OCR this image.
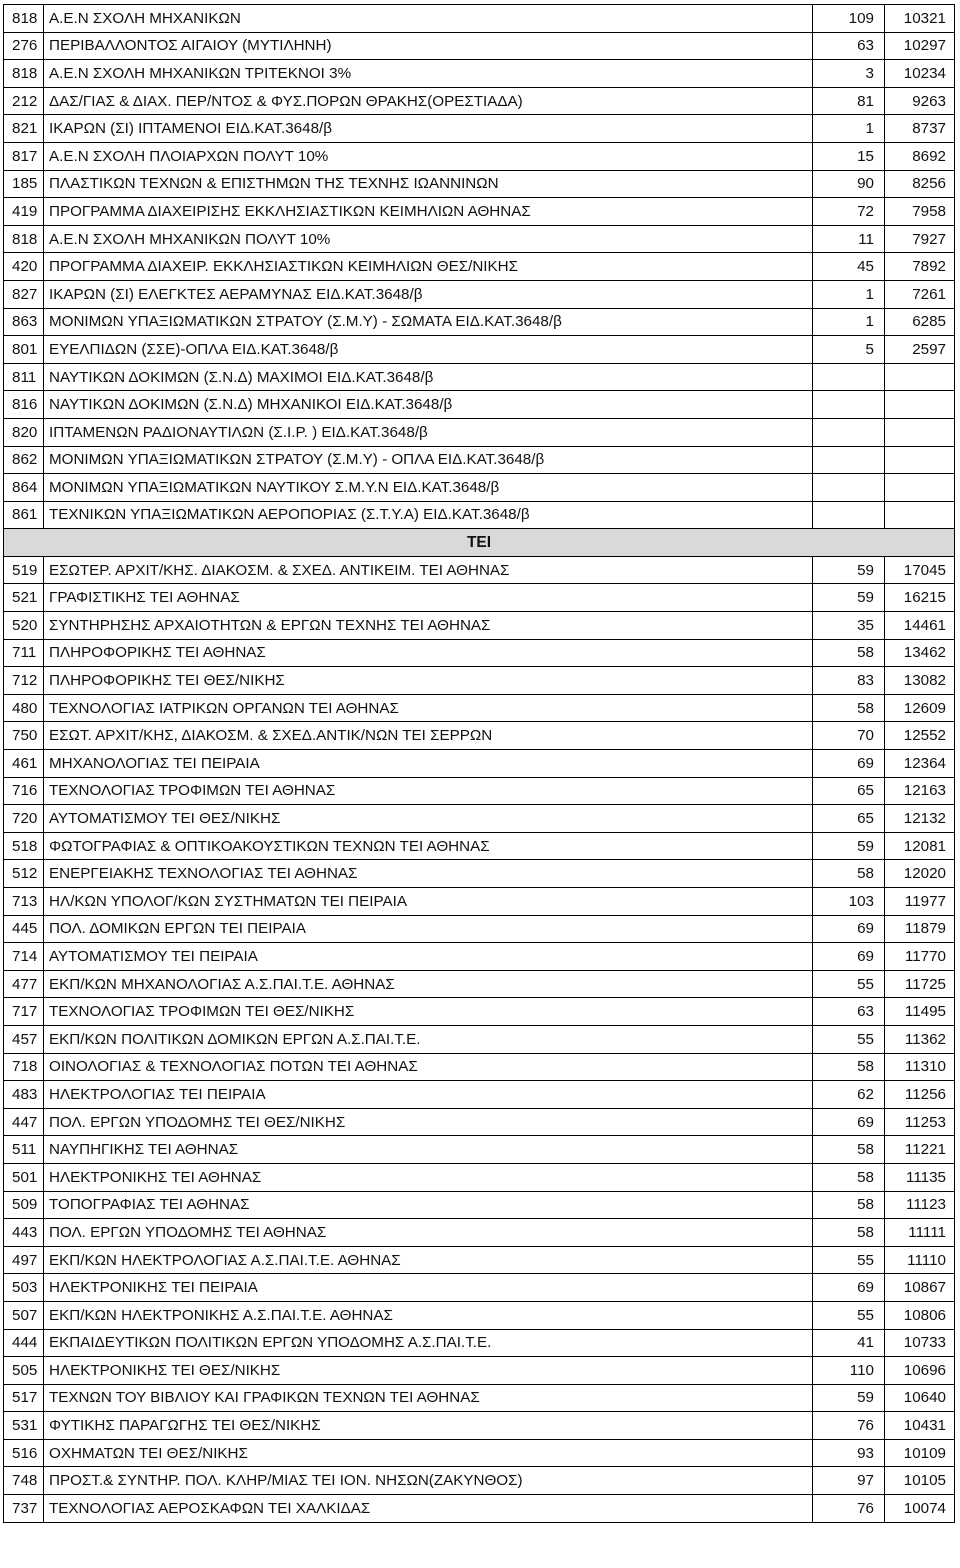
818	Α.Ε.Ν ΣΧΟΛΗ ΜΗΧΑΝΙΚΩΝ	109	10321
276	ΠΕΡΙΒΑΛΛΟΝΤΟΣ ΑΙΓΑΙΟΥ (ΜΥΤΙΛΗΝΗ)	63	10297
818	Α.Ε.Ν ΣΧΟΛΗ ΜΗΧΑΝΙΚΩΝ ΤΡΙΤΕΚΝΟΙ 3%	3	10234
212	ΔΑΣ/ΓΙΑΣ & ΔΙΑΧ. ΠΕΡ/ΝΤΟΣ & ΦΥΣ.ΠΟΡΩΝ ΘΡΑΚΗΣ(ΟΡΕΣΤΙΑΔΑ)	81	9263
821	ΙΚΑΡΩΝ (ΣΙ) ΙΠΤΑΜΕΝΟΙ ΕΙΔ.ΚΑΤ.3648/β	1	8737
817	Α.Ε.Ν ΣΧΟΛΗ ΠΛΟΙΑΡΧΩΝ ΠΟΛΥΤ 10%	15	8692
185	ΠΛΑΣΤΙΚΩΝ ΤΕΧΝΩΝ & ΕΠΙΣΤΗΜΩΝ ΤΗΣ ΤΕΧΝΗΣ ΙΩΑΝΝΙΝΩΝ	90	8256
419	ΠΡΟΓΡΑΜΜΑ ΔΙΑΧΕΙΡΙΣΗΣ ΕΚΚΛΗΣΙΑΣΤΙΚΩΝ ΚΕΙΜΗΛΙΩΝ ΑΘΗΝΑΣ	72	7958
818	Α.Ε.Ν ΣΧΟΛΗ ΜΗΧΑΝΙΚΩΝ ΠΟΛΥΤ 10%	11	7927
420	ΠΡΟΓΡΑΜΜΑ ΔΙΑΧΕΙΡ. ΕΚΚΛΗΣΙΑΣΤΙΚΩΝ ΚΕΙΜΗΛΙΩΝ ΘΕΣ/ΝΙΚΗΣ	45	7892
827	ΙΚΑΡΩΝ (ΣΙ) ΕΛΕΓΚΤΕΣ ΑΕΡΑΜΥΝΑΣ ΕΙΔ.ΚΑΤ.3648/β	1	7261
863	ΜΟΝΙΜΩΝ ΥΠΑΞΙΩΜΑΤΙΚΩΝ ΣΤΡΑΤΟΥ (Σ.Μ.Υ) - ΣΩΜΑΤΑ ΕΙΔ.ΚΑΤ.3648/β	1	6285
801	ΕΥΕΛΠΙΔΩΝ (ΣΣΕ)-ΟΠΛΑ ΕΙΔ.ΚΑΤ.3648/β	5	2597
811	ΝΑΥΤΙΚΩΝ ΔΟΚΙΜΩΝ (Σ.Ν.Δ) ΜΑΧΙΜΟΙ ΕΙΔ.ΚΑΤ.3648/β		
816	ΝΑΥΤΙΚΩΝ ΔΟΚΙΜΩΝ (Σ.Ν.Δ) ΜΗΧΑΝΙΚΟΙ ΕΙΔ.ΚΑΤ.3648/β		
820	ΙΠΤΑΜΕΝΩΝ ΡΑΔΙΟΝΑΥΤΙΛΩΝ (Σ.Ι.Ρ. ) ΕΙΔ.ΚΑΤ.3648/β		
862	ΜΟΝΙΜΩΝ ΥΠΑΞΙΩΜΑΤΙΚΩΝ ΣΤΡΑΤΟΥ (Σ.Μ.Υ) - ΟΠΛΑ ΕΙΔ.ΚΑΤ.3648/β		
864	ΜΟΝΙΜΩΝ ΥΠΑΞΙΩΜΑΤΙΚΩΝ ΝΑΥΤΙΚΟΥ Σ.Μ.Υ.Ν ΕΙΔ.ΚΑΤ.3648/β		
861	ΤΕΧΝΙΚΩΝ ΥΠΑΞΙΩΜΑΤΙΚΩΝ ΑΕΡΟΠΟΡΙΑΣ (Σ.Τ.Υ.Α) ΕΙΔ.ΚΑΤ.3648/β		
ΤΕΙ			
519	ΕΣΩΤΕΡ. ΑΡΧΙΤ/ΚΗΣ. ΔΙΑΚΟΣΜ. & ΣΧΕΔ. ΑΝΤΙΚΕΙΜ. ΤΕΙ ΑΘΗΝΑΣ	59	17045
521	ΓΡΑΦΙΣΤΙΚΗΣ ΤΕΙ ΑΘΗΝΑΣ	59	16215
520	ΣΥΝΤΗΡΗΣΗΣ ΑΡΧΑΙΟΤΗΤΩΝ & ΕΡΓΩΝ ΤΕΧΝΗΣ ΤΕΙ ΑΘΗΝΑΣ	35	14461
711	ΠΛΗΡΟΦΟΡΙΚΗΣ ΤΕΙ ΑΘΗΝΑΣ	58	13462
712	ΠΛΗΡΟΦΟΡΙΚΗΣ ΤΕΙ ΘΕΣ/ΝΙΚΗΣ	83	13082
480	ΤΕΧΝΟΛΟΓΙΑΣ ΙΑΤΡΙΚΩΝ ΟΡΓΑΝΩΝ ΤΕΙ ΑΘΗΝΑΣ	58	12609
750	ΕΣΩΤ. ΑΡΧΙΤ/ΚΗΣ, ΔΙΑΚΟΣΜ. & ΣΧΕΔ.ΑΝΤΙΚ/ΝΩΝ ΤΕΙ ΣΕΡΡΩΝ	70	12552
461	ΜΗΧΑΝΟΛΟΓΙΑΣ ΤΕΙ ΠΕΙΡΑΙΑ	69	12364
716	ΤΕΧΝΟΛΟΓΙΑΣ ΤΡΟΦΙΜΩΝ ΤΕΙ ΑΘΗΝΑΣ	65	12163
720	ΑΥΤΟΜΑΤΙΣΜΟΥ ΤΕΙ ΘΕΣ/ΝΙΚΗΣ	65	12132
518	ΦΩΤΟΓΡΑΦΙΑΣ & ΟΠΤΙΚΟΑΚΟΥΣΤΙΚΩΝ ΤΕΧΝΩΝ ΤΕΙ ΑΘΗΝΑΣ	59	12081
512	ΕΝΕΡΓΕΙΑΚΗΣ ΤΕΧΝΟΛΟΓΙΑΣ ΤΕΙ ΑΘΗΝΑΣ	58	12020
713	ΗΛ/ΚΩΝ ΥΠΟΛΟΓ/ΚΩΝ ΣΥΣΤΗΜΑΤΩΝ ΤΕΙ ΠΕΙΡΑΙΑ	103	11977
445	ΠΟΛ. ΔΟΜΙΚΩΝ ΕΡΓΩΝ ΤΕΙ ΠΕΙΡΑΙΑ	69	11879
714	ΑΥΤΟΜΑΤΙΣΜΟΥ ΤΕΙ ΠΕΙΡΑΙΑ	69	11770
477	ΕΚΠ/ΚΩΝ ΜΗΧΑΝΟΛΟΓΙΑΣ Α.Σ.ΠΑΙ.Τ.Ε. ΑΘΗΝΑΣ	55	11725
717	ΤΕΧΝΟΛΟΓΙΑΣ ΤΡΟΦΙΜΩΝ ΤΕΙ ΘΕΣ/ΝΙΚΗΣ	63	11495
457	ΕΚΠ/ΚΩΝ ΠΟΛΙΤΙΚΩΝ ΔΟΜΙΚΩΝ ΕΡΓΩΝ Α.Σ.ΠΑΙ.Τ.Ε.	55	11362
718	ΟΙΝΟΛΟΓΙΑΣ & ΤΕΧΝΟΛΟΓΙΑΣ ΠΟΤΩΝ ΤΕΙ ΑΘΗΝΑΣ	58	11310
483	ΗΛΕΚΤΡΟΛΟΓΙΑΣ ΤΕΙ ΠΕΙΡΑΙΑ	62	11256
447	ΠΟΛ. ΕΡΓΩΝ ΥΠΟΔΟΜΗΣ ΤΕΙ ΘΕΣ/ΝΙΚΗΣ	69	11253
511	ΝΑΥΠΗΓΙΚΗΣ ΤΕΙ ΑΘΗΝΑΣ	58	11221
501	ΗΛΕΚΤΡΟΝΙΚΗΣ ΤΕΙ ΑΘΗΝΑΣ	58	11135
509	ΤΟΠΟΓΡΑΦΙΑΣ ΤΕΙ ΑΘΗΝΑΣ	58	11123
443	ΠΟΛ. ΕΡΓΩΝ ΥΠΟΔΟΜΗΣ ΤΕΙ ΑΘΗΝΑΣ	58	11111
497	ΕΚΠ/ΚΩΝ ΗΛΕΚΤΡΟΛΟΓΙΑΣ Α.Σ.ΠΑΙ.Τ.Ε. ΑΘΗΝΑΣ	55	11110
503	ΗΛΕΚΤΡΟΝΙΚΗΣ ΤΕΙ ΠΕΙΡΑΙΑ	69	10867
507	ΕΚΠ/ΚΩΝ ΗΛΕΚΤΡΟΝΙΚΗΣ Α.Σ.ΠΑΙ.Τ.Ε. ΑΘΗΝΑΣ	55	10806
444	ΕΚΠΑΙΔΕΥΤΙΚΩΝ ΠΟΛΙΤΙΚΩΝ ΕΡΓΩΝ ΥΠΟΔΟΜΗΣ Α.Σ.ΠΑΙ.Τ.Ε.	41	10733
505	ΗΛΕΚΤΡΟΝΙΚΗΣ ΤΕΙ ΘΕΣ/ΝΙΚΗΣ	110	10696
517	ΤΕΧΝΩΝ ΤΟΥ ΒΙΒΛΙΟΥ ΚΑΙ ΓΡΑΦΙΚΩΝ ΤΕΧΝΩΝ ΤΕΙ ΑΘΗΝΑΣ	59	10640
531	ΦΥΤΙΚΗΣ ΠΑΡΑΓΩΓΗΣ ΤΕΙ ΘΕΣ/ΝΙΚΗΣ	76	10431
516	ΟΧΗΜΑΤΩΝ ΤΕΙ ΘΕΣ/ΝΙΚΗΣ	93	10109
748	ΠΡΟΣΤ.& ΣΥΝΤΗΡ. ΠΟΛ. ΚΛΗΡ/ΜΙΑΣ ΤΕΙ ΙΟΝ. ΝΗΣΩΝ(ΖΑΚΥΝΘΟΣ)	97	10105
737	ΤΕΧΝΟΛΟΓΙΑΣ ΑΕΡΟΣΚΑΦΩΝ ΤΕΙ ΧΑΛΚΙΔΑΣ	76	10074
